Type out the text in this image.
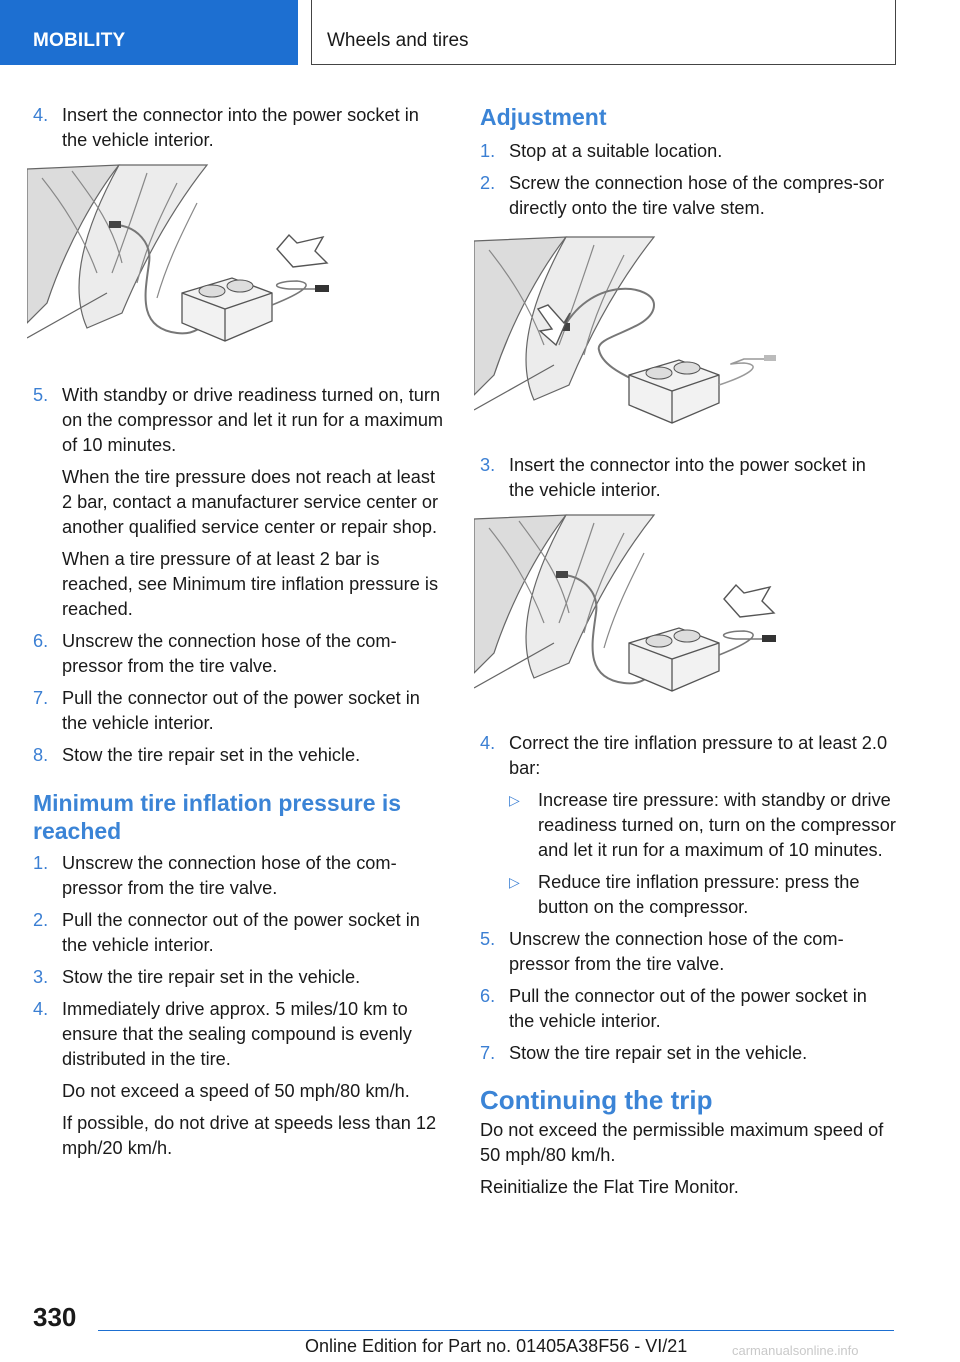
MOBILITY	Wheels and tires
4. Insert the connector into the power socket in the vehicle interior.

5. With standby or drive readiness turned on, turn on the compressor and let it run for a maximum of 10 minutes.

When the tire pressure does not reach at least 2 bar, contact a manufacturer service center or another qualified service center or repair shop.

When a tire pressure of at least 2 bar is reached, see Minimum tire inflation pressure is reached.

6. Unscrew the connection hose of the com-pressor from the tire valve.

7. Pull the connector out of the power socket in the vehicle interior.

8. Stow the tire repair set in the vehicle.

Minimum tire inflation pressure is reached
1. Unscrew the connection hose of the com-pressor from the tire valve.

2. Pull the connector out of the power socket in the vehicle interior.

3. Stow the tire repair set in the vehicle.

4. Immediately drive approx. 5 miles/10 km to ensure that the sealing compound is evenly distributed in the tire.

Do not exceed a speed of 50 mph/80 km/h.

If possible, do not drive at speeds less than 12 mph/20 km/h.

Adjustment
1. Stop at a suitable location.

2. Screw the connection hose of the compres-sor directly onto the tire valve stem.

3. Insert the connector into the power socket in the vehicle interior.

4. Correct the tire inflation pressure to at least 2.0 bar:

▷ Increase tire pressure: with standby or drive readiness turned on, turn on the compressor and let it run for a maximum of 10 minutes.
▷ Reduce tire inflation pressure: press the button on the compressor.
5. Unscrew the connection hose of the com-pressor from the tire valve.

6. Pull the connector out of the power socket in the vehicle interior.

7. Stow the tire repair set in the vehicle.

Continuing the trip

Do not exceed the permissible maximum speed of 50 mph/80 km/h.

Reinitialize the Flat Tire Monitor.

330
Online Edition for Part no. 01405A38F56 - VI/21	carmanualsonline.info
